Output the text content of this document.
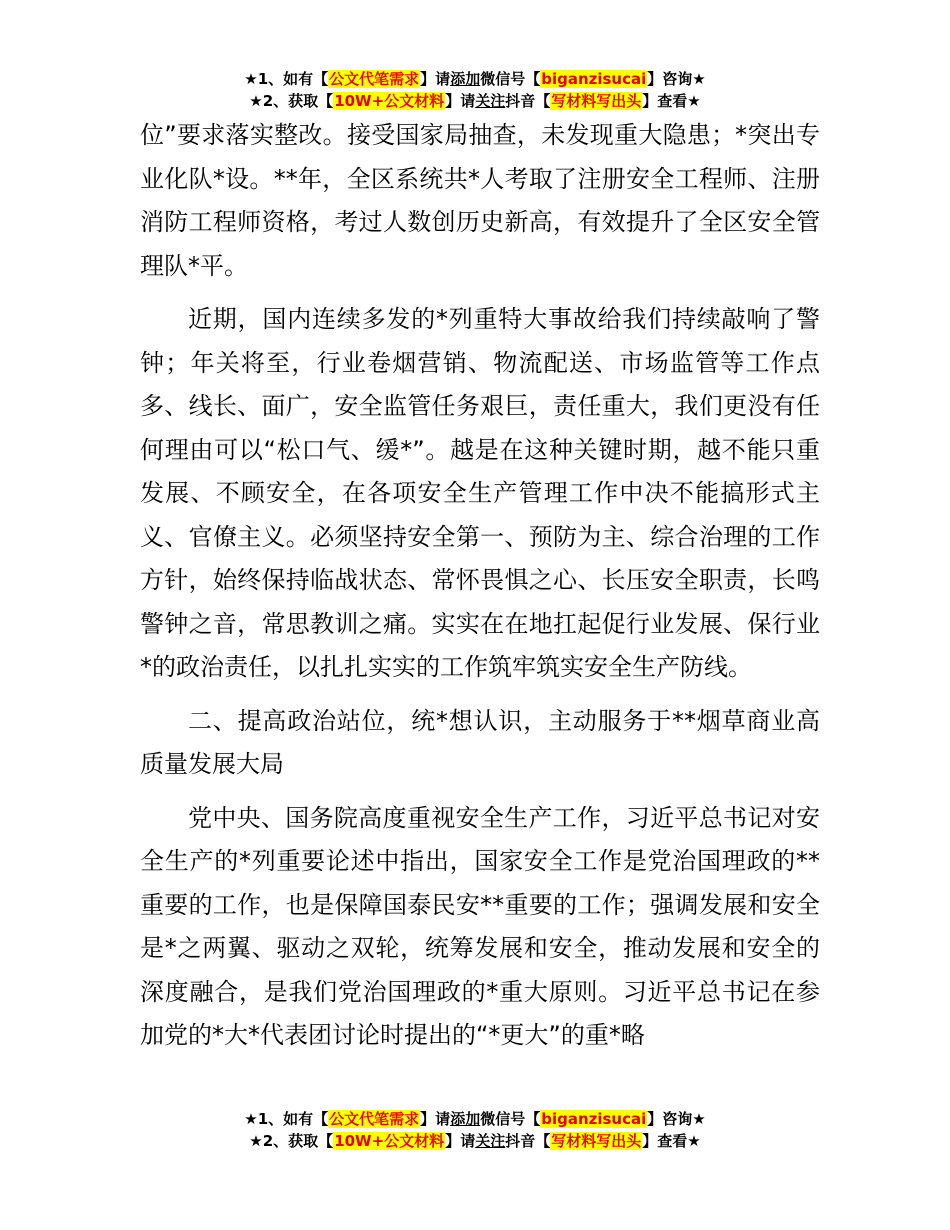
★1、如有【公文代笔需求】请添加微信号【biganzisucai】咨询★
★2、获取【10W+公文材料】请关注抖音【写材料写出头】查看★

位”要求落实整改。接受国家局抽查，未发现重大隐患；*突出专业化队*设。**年，全区系统共*人考取了注册安全工程师、注册消防工程师资格，考过人数创历史新高，有效提升了全区安全管理队*平。

近期，国内连续多发的*列重特大事故给我们持续敲响了警钟；年关将至，行业卷烟营销、物流配送、市场监管等工作点多、线长、面广，安全监管任务艰巨，责任重大，我们更没有任何理由可以“松口气、缓*”。越是在这种关键时期，越不能只重发展、不顾安全，在各项安全生产管理工作中决不能搞形式主义、官僚主义。必须坚持安全第一、预防为主、综合治理的工作方针，始终保持临战状态、常怀畏惧之心、长压安全职责，长鸣警钟之音，常思教训之痛。实实在在地扛起促行业发展、保行业*的政治责任，以扎扎实实的工作筑牢筑实安全生产防线。

二、提高政治站位，统*想认识，主动服务于**烟草商业高质量发展大局

党中央、国务院高度重视安全生产工作，习近平总书记对安全生产的*列重要论述中指出，国家安全工作是党治国理政的**重要的工作，也是保障国泰民安**重要的工作；强调发展和安全是*之两翼、驱动之双轮，统筹发展和安全，推动发展和安全的深度融合，是我们党治国理政的*重大原则。习近平总书记在参加党的*大*代表团讨论时提出的“*更大”的重*略

★1、如有【公文代笔需求】请添加微信号【biganzisucai】咨询★
★2、获取【10W+公文材料】请关注抖音【写材料写出头】查看★
